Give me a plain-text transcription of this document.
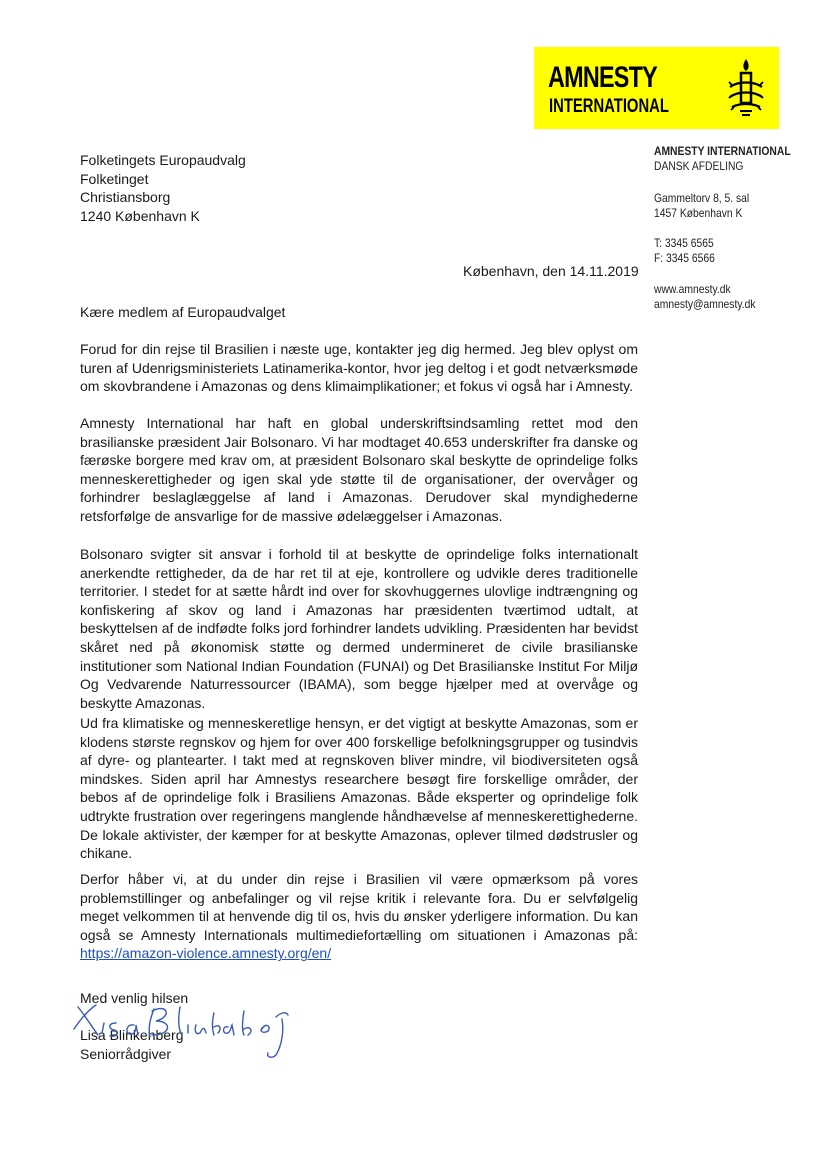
AMNESTY
INTERNATIONAL
AMNESTY INTERNATIONAL
DANSK AFDELING
Gammeltorv 8, 5. sal
1457 København K
T: 3345 6565
F: 3345 6566
www.amnesty.dk
amnesty@amnesty.dk
Folketingets Europaudvalg
Folketinget
Christiansborg
1240 København K
København, den 14.11.2019
Kære medlem af Europaudvalget

Forud for din rejse til Brasilien i næste uge, kontakter jeg dig hermed. Jeg blev oplyst om turen af Udenrigsministeriets Latinamerika-kontor, hvor jeg deltog i et godt netværksmøde om skovbrandene i Amazonas og dens klimaimplikationer; et fokus vi også har i Amnesty.

Amnesty International har haft en global underskriftsindsamling rettet mod den brasilianske præsident Jair Bolsonaro. Vi har modtaget 40.653 underskrifter fra danske og færøske borgere med krav om, at præsident Bolsonaro skal beskytte de oprindelige folks menneskerettigheder og igen skal yde støtte til de organisationer, der overvåger og forhindrer beslaglæggelse af land i Amazonas. Derudover skal myndighederne retsforfølge de ansvarlige for de massive ødelæggelser i Amazonas.

Bolsonaro svigter sit ansvar i forhold til at beskytte de oprindelige folks internationalt anerkendte rettigheder, da de har ret til at eje, kontrollere og udvikle deres traditionelle territorier. I stedet for at sætte hårdt ind over for skovhuggernes ulovlige indtrængning og konfiskering af skov og land i Amazonas har præsidenten tværtimod udtalt, at beskyttelsen af de indfødte folks jord forhindrer landets udvikling. Præsidenten har bevidst skåret ned på økonomisk støtte og dermed undermineret de civile brasilianske institutioner som National Indian Foundation (FUNAI) og Det Brasilianske Institut For Miljø Og Vedvarende Naturressourcer (IBAMA), som begge hjælper med at overvåge og beskytte Amazonas.

Ud fra klimatiske og menneskeretlige hensyn, er det vigtigt at beskytte Amazonas, som er klodens største regnskov og hjem for over 400 forskellige befolkningsgrupper og tusindvis af dyre- og plantearter. I takt med at regnskoven bliver mindre, vil biodiversiteten også mindskes. Siden april har Amnestys researchere besøgt fire forskellige områder, der bebos af de oprindelige folk i Brasiliens Amazonas. Både eksperter og oprindelige folk udtrykte frustration over regeringens manglende håndhævelse af menneskerettighederne. De lokale aktivister, der kæmper for at beskytte Amazonas, oplever tilmed dødstrusler og chikane.

Derfor håber vi, at du under din rejse i Brasilien vil være opmærksom på vores problemstillinger og anbefalinger og vil rejse kritik i relevante fora. Du er selvfølgelig meget velkommen til at henvende dig til os, hvis du ønsker yderligere information. Du kan også se Amnesty Internationals multimediefortælling om situationen i Amazonas på: https://amazon-violence.amnesty.org/en/

Med venlig hilsen

Lisa Blinkenberg
Seniorrådgiver
